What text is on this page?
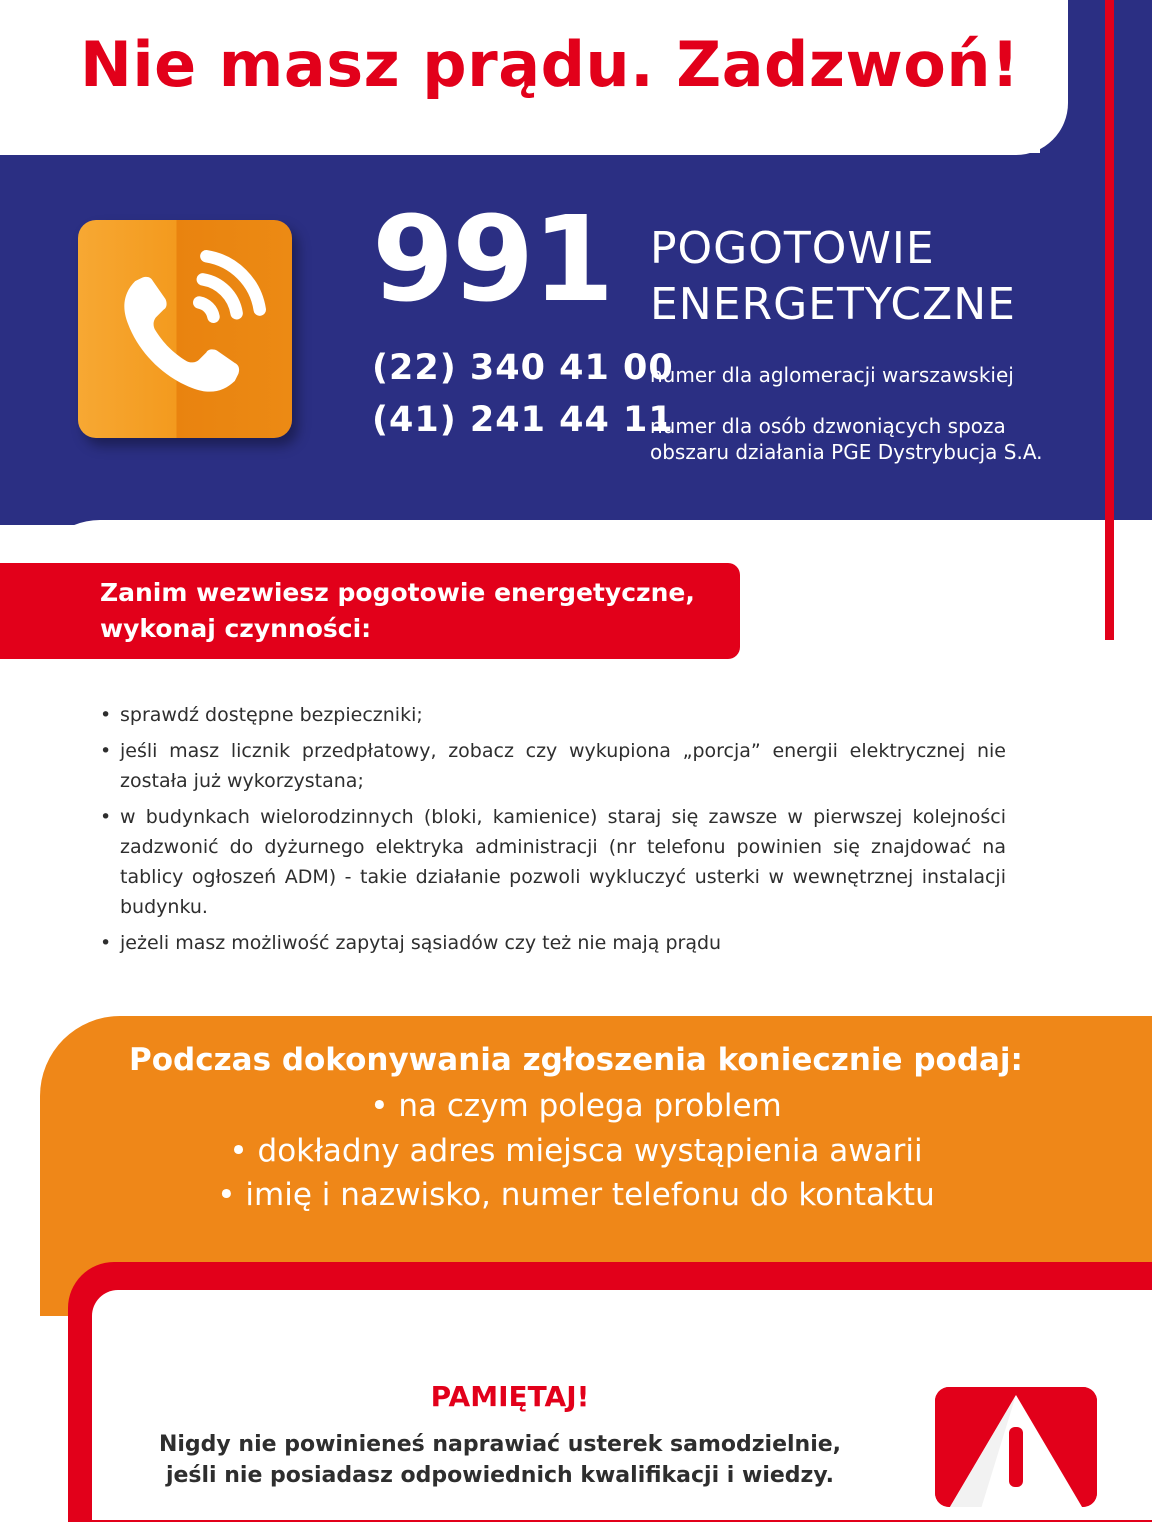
Nie masz prądu. Zadzwoń!
991 POGOTOWIE
ENERGETYCZNE
(22) 340 41 00
(41) 241 44 11
numer dla aglomeracji warszawskiej
numer dla osób dzwoniących spoza
obszaru działania PGE Dystrybucja S.A.
Zanim wezwiesz pogotowie energetyczne,
wykonaj czynności:
• sprawdź dostępne bezpieczniki;
• jeśli masz licznik przedpłatowy, zobacz czy wykupiona „porcja” energii elektrycznej nie została już wykorzystana;
• w budynkach wielorodzinnych (bloki, kamienice) staraj się zawsze w pierwszej kolejności zadzwonić do dyżurnego elektryka administracji (nr telefonu powinien się znajdować na tablicy ogłoszeń ADM) - takie działanie pozwoli wykluczyć usterki w wewnętrznej instalacji budynku.
• jeżeli masz możliwość zapytaj sąsiadów czy też nie mają prądu
Podczas dokonywania zgłoszenia koniecznie podaj:
• na czym polega problem
• dokładny adres miejsca wystąpienia awarii
• imię i nazwisko, numer telefonu do kontaktu
PAMIĘTAJ!
Nigdy nie powinieneś naprawiać usterek samodzielnie,
jeśli nie posiadasz odpowiednich kwalifikacji i wiedzy.
